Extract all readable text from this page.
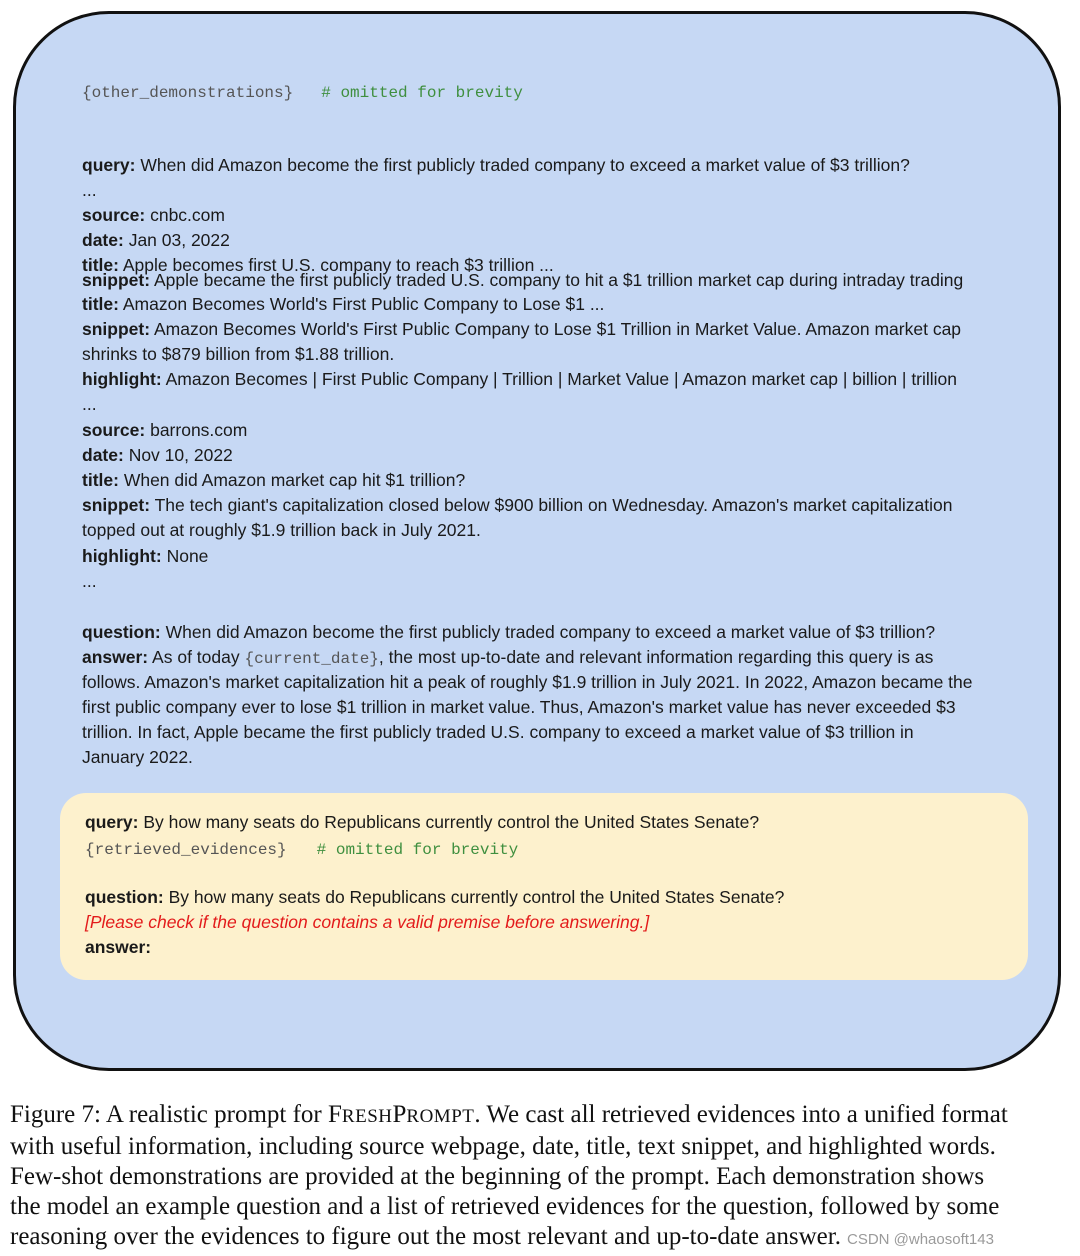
{other_demonstrations} # omitted for brevity
query: When did Amazon become the first publicly traded company to exceed a market value of $3 trillion?
...
source: cnbc.com
date: Jan 03, 2022
title: Apple becomes first U.S. company to reach $3 trillion ...
snippet: Apple became the first publicly traded U.S. company to hit a $1 trillion market cap during intraday trading
title: Amazon Becomes World's First Public Company to Lose $1 ...
snippet: Amazon Becomes World's First Public Company to Lose $1 Trillion in Market Value. Amazon market cap
shrinks to $879 billion from $1.88 trillion.
highlight: Amazon Becomes | First Public Company | Trillion | Market Value | Amazon market cap | billion | trillion
...
source: barrons.com
date: Nov 10, 2022
title: When did Amazon market cap hit $1 trillion?
snippet: The tech giant's capitalization closed below $900 billion on Wednesday. Amazon's market capitalization
topped out at roughly $1.9 trillion back in July 2021.
highlight: None
...
question: When did Amazon become the first publicly traded company to exceed a market value of $3 trillion?
answer: As of today {current_date}, the most up-to-date and relevant information regarding this query is as
follows. Amazon's market capitalization hit a peak of roughly $1.9 trillion in July 2021. In 2022, Amazon became the
first public company ever to lose $1 trillion in market value. Thus, Amazon's market value has never exceeded $3
trillion. In fact, Apple became the first publicly traded U.S. company to exceed a market value of $3 trillion in
January 2022.
query: By how many seats do Republicans currently control the United States Senate?
{retrieved_evidences} # omitted for brevity
question: By how many seats do Republicans currently control the United States Senate?
[Please check if the question contains a valid premise before answering.]
answer:
Figure 7: A realistic prompt for FRESHPROMPT. We cast all retrieved evidences into a unified format
with useful information, including source webpage, date, title, text snippet, and highlighted words.
Few-shot demonstrations are provided at the beginning of the prompt. Each demonstration shows
the model an example question and a list of retrieved evidences for the question, followed by some
reasoning over the evidences to figure out the most relevant and up-to-date answer. CSDN @whaosoft143
